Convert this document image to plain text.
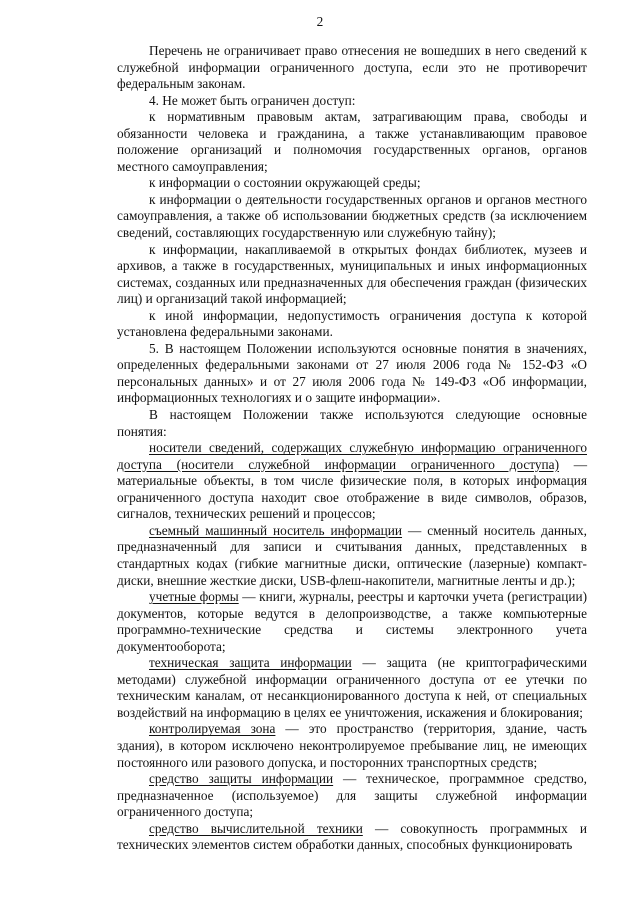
2

Перечень не ограничивает право отнесения не вошедших в него сведений к служебной информации ограниченного доступа, если это не противоречит федеральным законам.

4. Не может быть ограничен доступ:

к нормативным правовым актам, затрагивающим права, свободы и обязанности человека и гражданина, а также устанавливающим правовое положение организаций и полномочия государственных органов, органов местного самоуправления;

к информации о состоянии окружающей среды;

к информации о деятельности государственных органов и органов местного самоуправления, а также об использовании бюджетных средств (за исключением сведений, составляющих государственную или служебную тайну);

к информации, накапливаемой в открытых фондах библиотек, музеев и архивов, а также в государственных, муниципальных и иных информационных системах, созданных или предназначенных для обеспечения граждан (физических лиц) и организаций такой информацией;

к иной информации, недопустимость ограничения доступа к которой установлена федеральными законами.

5. В настоящем Положении используются основные понятия в значениях, определенных федеральными законами от 27 июля 2006 года № 152-ФЗ «О персональных данных» и от 27 июля 2006 года № 149-ФЗ «Об информации, информационных технологиях и о защите информации».

В настоящем Положении также используются следующие основные понятия:

носители сведений, содержащих служебную информацию ограниченного доступа (носители служебной информации ограниченного доступа) — материальные объекты, в том числе физические поля, в которых информация ограниченного доступа находит свое отображение в виде символов, образов, сигналов, технических решений и процессов;

съемный машинный носитель информации — сменный носитель данных, предназначенный для записи и считывания данных, представленных в стандартных кодах (гибкие магнитные диски, оптические (лазерные) компакт-диски, внешние жесткие диски, USB-флеш-накопители, магнитные ленты и др.);

учетные формы — книги, журналы, реестры и карточки учета (регистрации) документов, которые ведутся в делопроизводстве, а также компьютерные программно-технические средства и системы электронного учета документооборота;

техническая защита информации — защита (не криптографическими методами) служебной информации ограниченного доступа от ее утечки по техническим каналам, от несанкционированного доступа к ней, от специальных воздействий на информацию в целях ее уничтожения, искажения и блокирования;

контролируемая зона — это пространство (территория, здание, часть здания), в котором исключено неконтролируемое пребывание лиц, не имеющих постоянного или разового допуска, и посторонних транспортных средств;

средство защиты информации — техническое, программное средство, предназначенное (используемое) для защиты служебной информации ограниченного доступа;

средство вычислительной техники — совокупность программных и технических элементов систем обработки данных, способных функционировать
